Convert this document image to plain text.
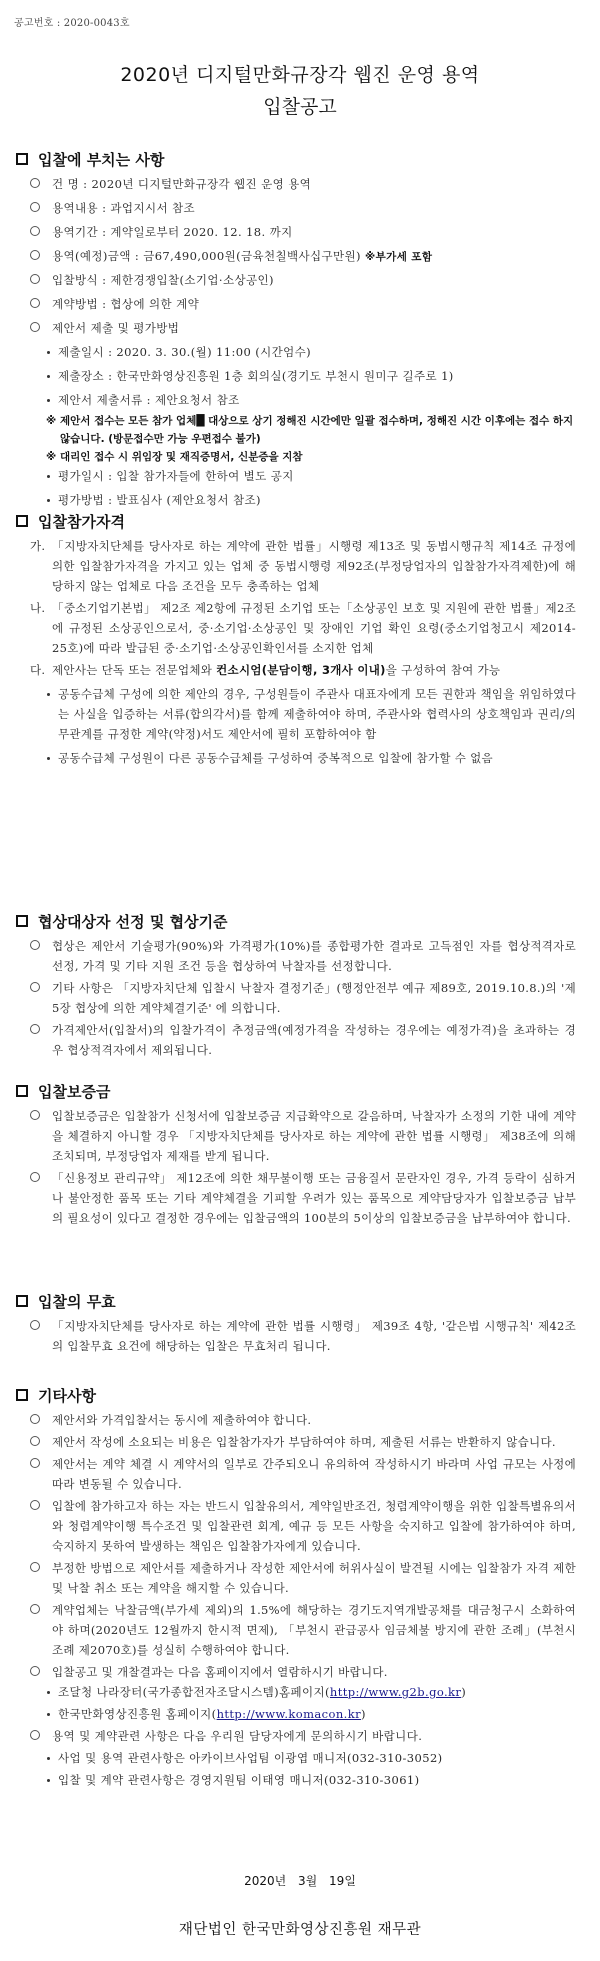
공고번호 : 2020-0043호
2020년 디지털만화규장각 웹진 운영 용역
입찰공고
입찰에 부치는 사항
건 명 : 2020년 디지털만화규장각 웹진 운영 용역
용역내용 : 과업지시서 참조
용역기간 : 계약일로부터 2020. 12. 18. 까지
용역(예정)금액 : 금67,490,000원(금육천칠백사십구만원) ※부가세 포함
입찰방식 : 제한경쟁입찰(소기업·소상공인)
계약방법 : 협상에 의한 계약
제안서 제출 및 평가방법
제출일시 : 2020. 3. 30.(월) 11:00 (시간엄수)
제출장소 : 한국만화영상진흥원 1층 회의실(경기도 부천시 원미구 길주로 1)
제안서 제출서류 : 제안요청서 참조
※ 제안서 접수는 모든 참가 업체█ 대상으로 상기 정해진 시간에만 일괄 접수하며, 정해진 시간 이후에는 접수 하지 않습니다. (방문접수만 가능 우편접수 불가)
※ 대리인 접수 시 위임장 및 재직증명서, 신분증을 지참
평가일시 : 입찰 참가자들에 한하여 별도 공지
평가방법 : 발표심사 (제안요청서 참조)
입찰참가자격
가. 「지방자치단체를 당사자로 하는 계약에 관한 법률」시행령 제13조 및 동법시행규칙 제14조 규정에 의한 입찰참가자격을 가지고 있는 업체 중 동법시행령 제92조(부정당업자의 입찰참가자격제한)에 해당하지 않는 업체로 다음 조건을 모두 충족하는 업체
나. 「중소기업기본법」 제2조 제2항에 규정된 소기업 또는「소상공인 보호 및 지원에 관한 법률」제2조에 규정된 소상공인으로서, 중·소기업·소상공인 및 장애인 기업 확인 요령(중소기업청고시 제2014-25호)에 따라 발급된 중·소기업·소상공인확인서를 소지한 업체
다. 제안사는 단독 또는 전문업체와 컨소시엄(분담이행, 3개사 이내)을 구성하여 참여 가능
공동수급체 구성에 의한 제안의 경우, 구성원들이 주관사 대표자에게 모든 권한과 책임을 위임하였다는 사실을 입증하는 서류(합의각서)를 함께 제출하여야 하며, 주관사와 협력사의 상호책임과 권리/의무관계를 규정한 계약(약정)서도 제안서에 필히 포함하여야 함
공동수급체 구성원이 다른 공동수급체를 구성하여 중복적으로 입찰에 참가할 수 없음
협상대상자 선정 및 협상기준
협상은 제안서 기술평가(90%)와 가격평가(10%)를 종합평가한 결과로 고득점인 자를 협상적격자로 선정, 가격 및 기타 지원 조건 등을 협상하여 낙찰자를 선정합니다.
기타 사항은 「지방자치단체 입찰시 낙찰자 결정기준」(행정안전부 예규 제89호, 2019.10.8.)의 '제5장 협상에 의한 계약체결기준' 에 의합니다.
가격제안서(입찰서)의 입찰가격이 추정금액(예정가격을 작성하는 경우에는 예정가격)을 초과하는 경우 협상적격자에서 제외됩니다.
입찰보증금
입찰보증금은 입찰참가 신청서에 입찰보증금 지급확약으로 갈음하며, 낙찰자가 소정의 기한 내에 계약을 체결하지 아니할 경우 「지방자치단체를 당사자로 하는 계약에 관한 법률 시행령」 제38조에 의해 조치되며, 부정당업자 제재를 받게 됩니다.
「신용정보 관리규약」 제12조에 의한 채무불이행 또는 금융질서 문란자인 경우, 가격 등락이 심하거나 불안정한 품목 또는 기타 계약체결을 기피할 우려가 있는 품목으로 계약담당자가 입찰보증금 납부의 필요성이 있다고 결정한 경우에는 입찰금액의 100분의 5이상의 입찰보증금을 납부하여야 합니다.
입찰의 무효
「지방자치단체를 당사자로 하는 계약에 관한 법률 시행령」 제39조 4항, '같은법 시행규칙' 제42조의 입찰무효 요건에 해당하는 입찰은 무효처리 됩니다.
기타사항
제안서와 가격입찰서는 동시에 제출하여야 합니다.
제안서 작성에 소요되는 비용은 입찰참가자가 부담하여야 하며, 제출된 서류는 반환하지 않습니다.
제안서는 계약 체결 시 계약서의 일부로 간주되오니 유의하여 작성하시기 바라며 사업 규모는 사정에 따라 변동될 수 있습니다.
입찰에 참가하고자 하는 자는 반드시 입찰유의서, 계약일반조건, 청렴계약이행을 위한 입찰특별유의서와 청렴계약이행 특수조건 및 입찰관련 회계, 예규 등 모든 사항을 숙지하고 입찰에 참가하여야 하며, 숙지하지 못하여 발생하는 책임은 입찰참가자에게 있습니다.
부정한 방법으로 제안서를 제출하거나 작성한 제안서에 허위사실이 발견될 시에는 입찰참가 자격 제한 및 낙찰 취소 또는 계약을 해지할 수 있습니다.
계약업체는 낙찰금액(부가세 제외)의 1.5%에 해당하는 경기도지역개발공채를 대금청구시 소화하여야 하며(2020년도 12월까지 한시적 면제), 「부천시 관급공사 임금체불 방지에 관한 조례」(부천시 조례 제2070호)를 성실히 수행하여야 합니다.
입찰공고 및 개찰결과는 다음 홈페이지에서 열람하시기 바랍니다.
조달청 나라장터(국가종합전자조달시스템)홈페이지(http://www.g2b.go.kr)
한국만화영상진흥원 홈페이지(http://www.komacon.kr)
용역 및 계약관련 사항은 다음 우리원 담당자에게 문의하시기 바랍니다.
사업 및 용역 관련사항은 아카이브사업팀 이광엽 매니저(032-310-3052)
입찰 및 계약 관련사항은 경영지원팀 이태영 매니저(032-310-3061)
2020년 3월 19일
재단법인 한국만화영상진흥원 재무관
